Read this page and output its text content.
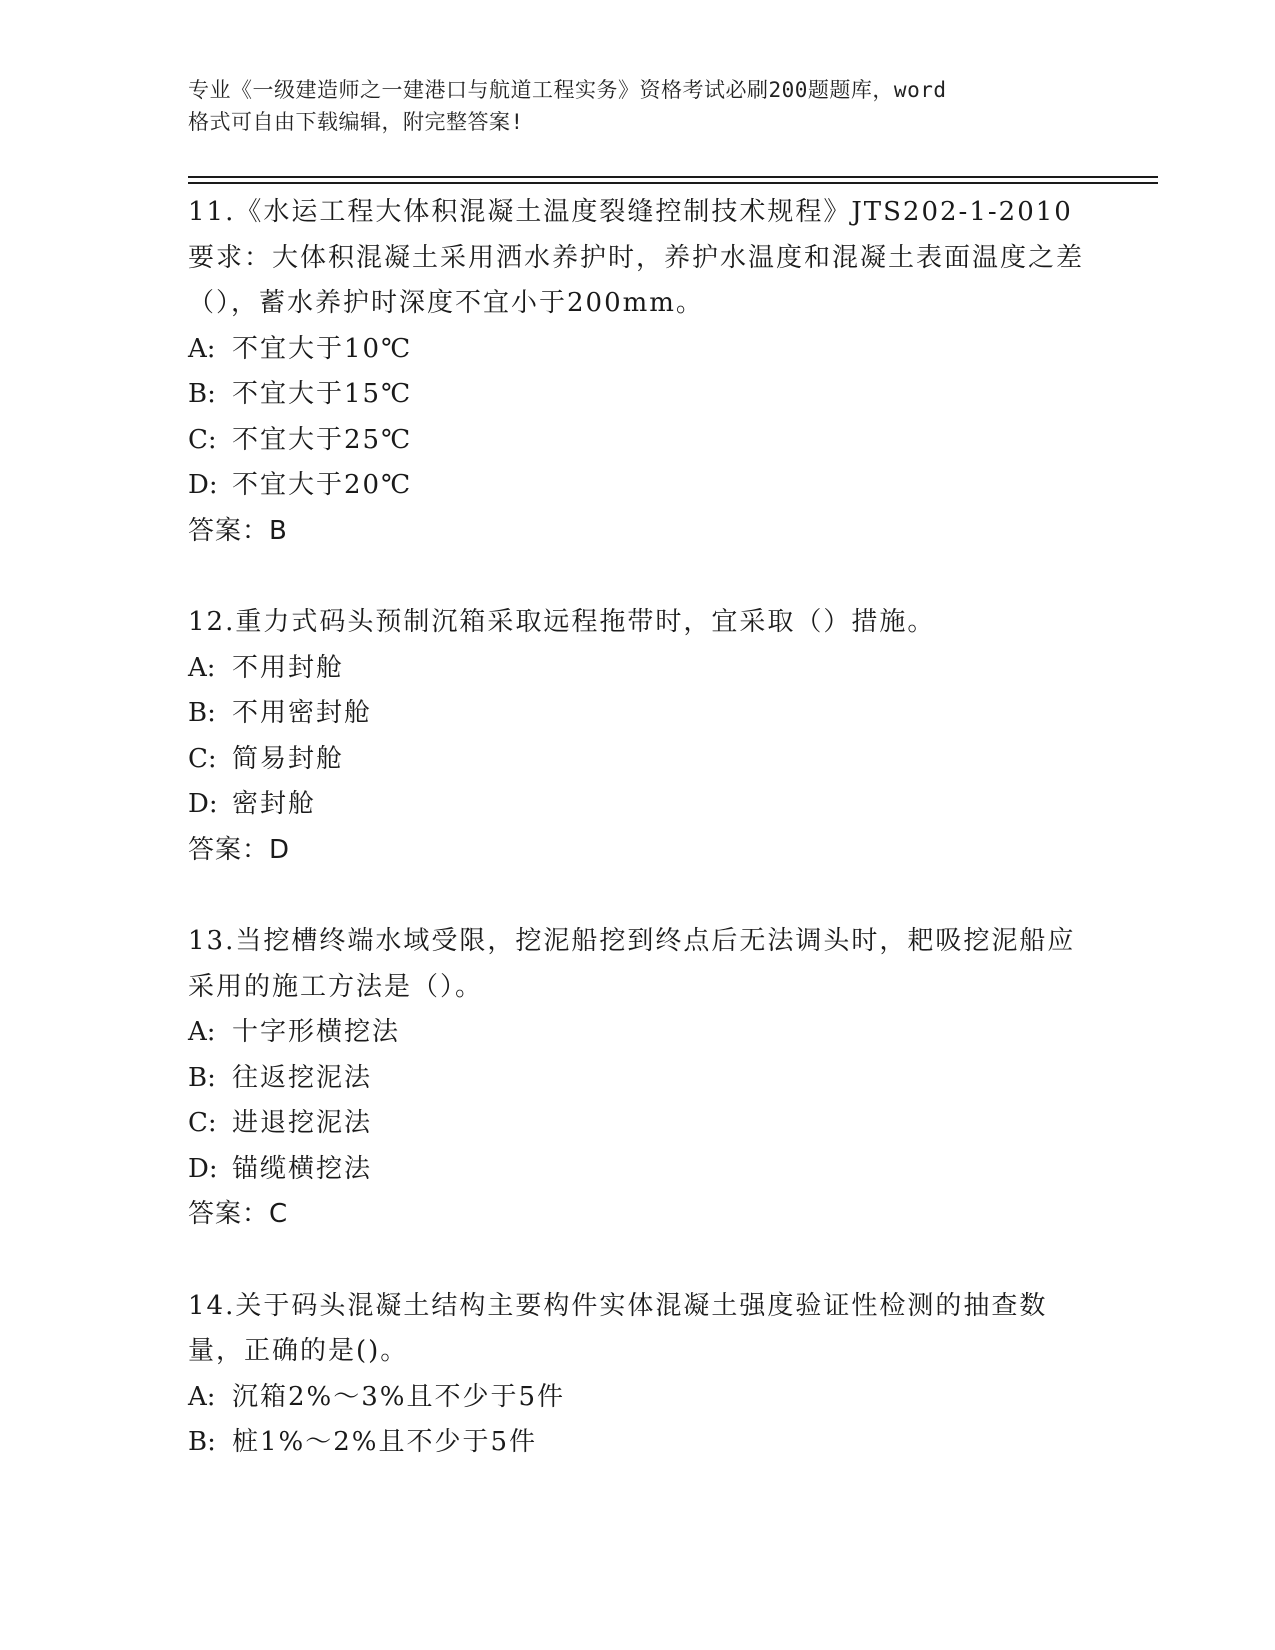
专业《一级建造师之一建港口与航道工程实务》资格考试必刷200题题库，word
格式可自由下载编辑，附完整答案!

11.《水运工程大体积混凝土温度裂缝控制技术规程》JTS202-1-2010要求：大体积混凝土采用洒水养护时，养护水温度和混凝土表面温度之差（），蓄水养护时深度不宜小于200mm。

A: 不宜大于10℃

B: 不宜大于15℃

C: 不宜大于25℃

D: 不宜大于20℃

答案：B

12.重力式码头预制沉箱采取远程拖带时，宜采取（）措施。

A: 不用封舱

B: 不用密封舱

C: 简易封舱

D: 密封舱

答案：D

13.当挖槽终端水域受限，挖泥船挖到终点后无法调头时，耙吸挖泥船应采用的施工方法是（）。

A: 十字形横挖法

B: 往返挖泥法

C: 进退挖泥法

D: 锚缆横挖法

答案：C

14.关于码头混凝土结构主要构件实体混凝土强度验证性检测的抽查数量，正确的是()。

A: 沉箱2%～3%且不少于5件

B: 桩1%～2%且不少于5件
